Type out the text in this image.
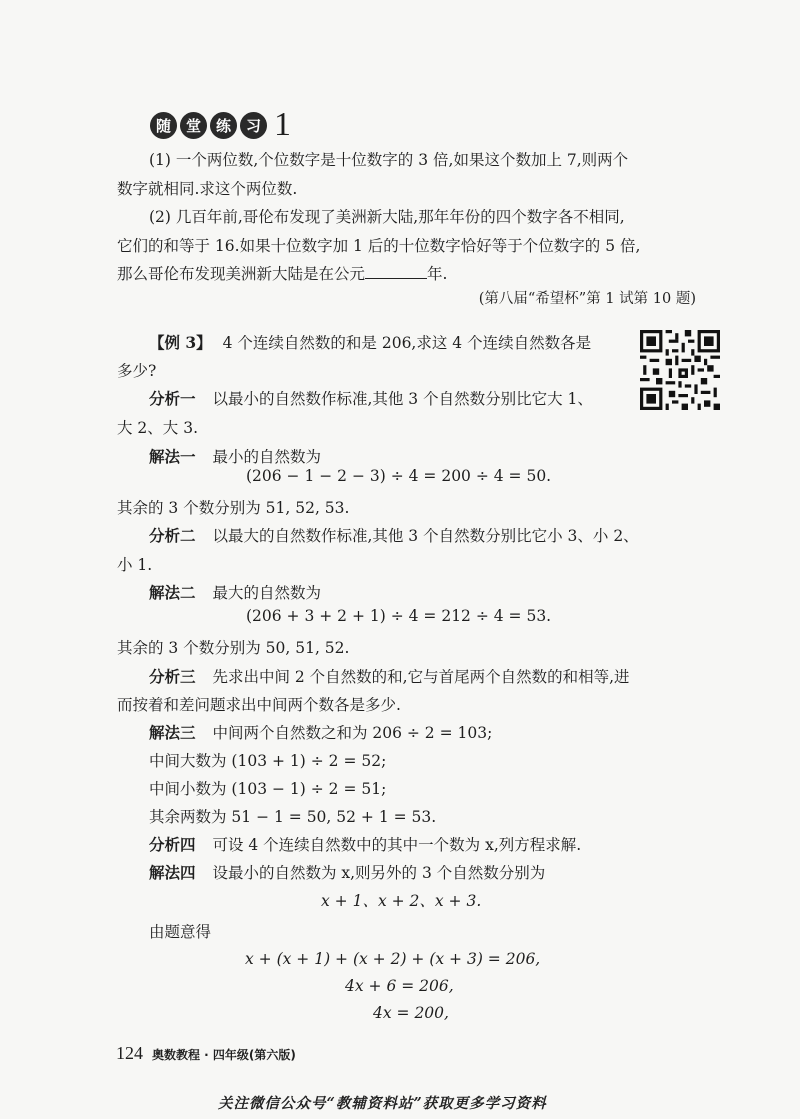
随 堂 练 习 1
(1) 一个两位数,个位数字是十位数字的 3 倍,如果这个数加上 7,则两个
数字就相同.求这个两位数.
(2) 几百年前,哥伦布发现了美洲新大陆,那年年份的四个数字各不相同,
它们的和等于 16.如果十位数字加 1 后的十位数字恰好等于个位数字的 5 倍,
那么哥伦布发现美洲新大陆是在公元	年.
(第八届“希望杯”第 1 试第 10 题)
【例 3】 4 个连续自然数的和是 206,求这 4 个连续自然数各是
多少?
分析一 以最小的自然数作标准,其他 3 个自然数分别比它大 1、
大 2、大 3.
解法一 最小的自然数为
(206 − 1 − 2 − 3) ÷ 4 = 200 ÷ 4 = 50.
其余的 3 个数分别为 51, 52, 53.
分析二 以最大的自然数作标准,其他 3 个自然数分别比它小 3、小 2、
小 1.
解法二 最大的自然数为
(206 + 3 + 2 + 1) ÷ 4 = 212 ÷ 4 = 53.
其余的 3 个数分别为 50, 51, 52.
分析三 先求出中间 2 个自然数的和,它与首尾两个自然数的和相等,进
而按着和差问题求出中间两个数各是多少.
解法三 中间两个自然数之和为 206 ÷ 2 = 103;
中间大数为 (103 + 1) ÷ 2 = 52;
中间小数为 (103 − 1) ÷ 2 = 51;
其余两数为 51 − 1 = 50, 52 + 1 = 53.
分析四 可设 4 个连续自然数中的其中一个数为 x,列方程求解.
解法四 设最小的自然数为 x,则另外的 3 个自然数分别为
x + 1、x + 2、x + 3.
由题意得
x + (x + 1) + (x + 2) + (x + 3) = 206,
4x + 6 = 206,
4x = 200,
124 奥数教程 · 四年级(第六版)
关注微信公众号“教辅资料站”获取更多学习资料
